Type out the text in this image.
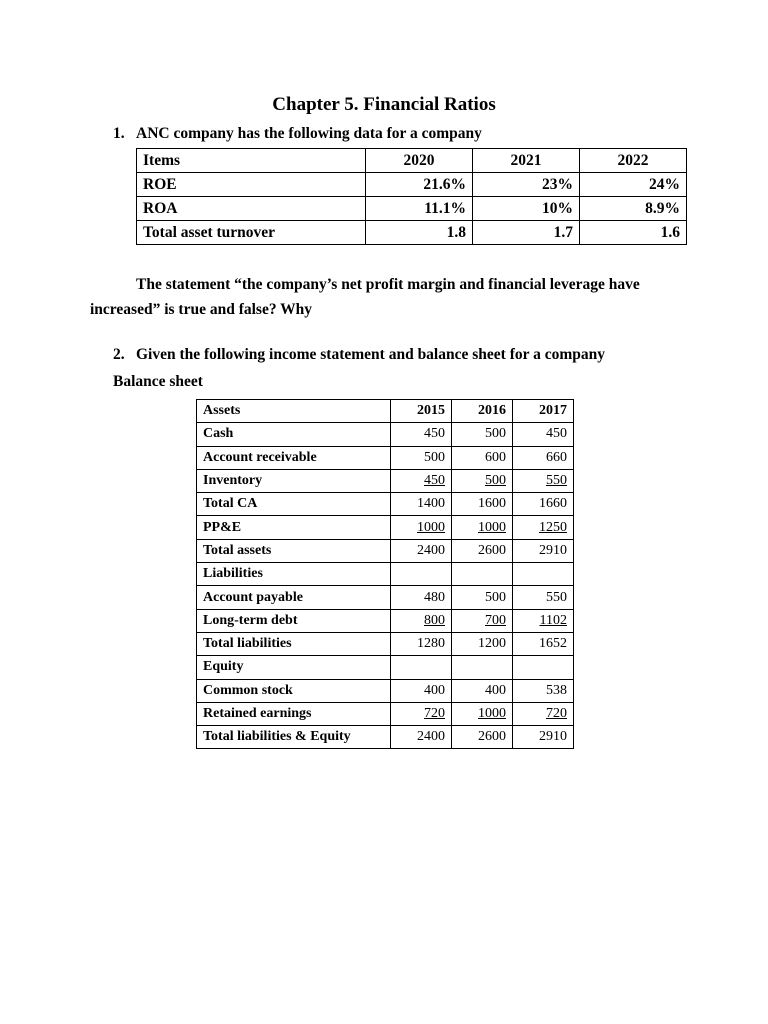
Chapter 5. Financial Ratios
1. ANC company has the following data for a company
Items	2020	2021	2022
ROE	21.6%	23%	24%
ROA	11.1%	10%	8.9%
Total asset turnover	1.8	1.7	1.6
The statement “the company’s net profit margin and financial leverage have
increased” is true and false? Why
2. Given the following income statement and balance sheet for a company
Balance sheet
Assets	2015	2016	2017
Cash	450	500	450
Account receivable	500	600	660
Inventory	450	500	550
Total CA	1400	1600	1660
PP&E	1000	1000	1250
Total assets	2400	2600	2910
Liabilities			
Account payable	480	500	550
Long-term debt	800	700	1102
Total liabilities	1280	1200	1652
Equity			
Common stock	400	400	538
Retained earnings	720	1000	720
Total liabilities & Equity	2400	2600	2910
